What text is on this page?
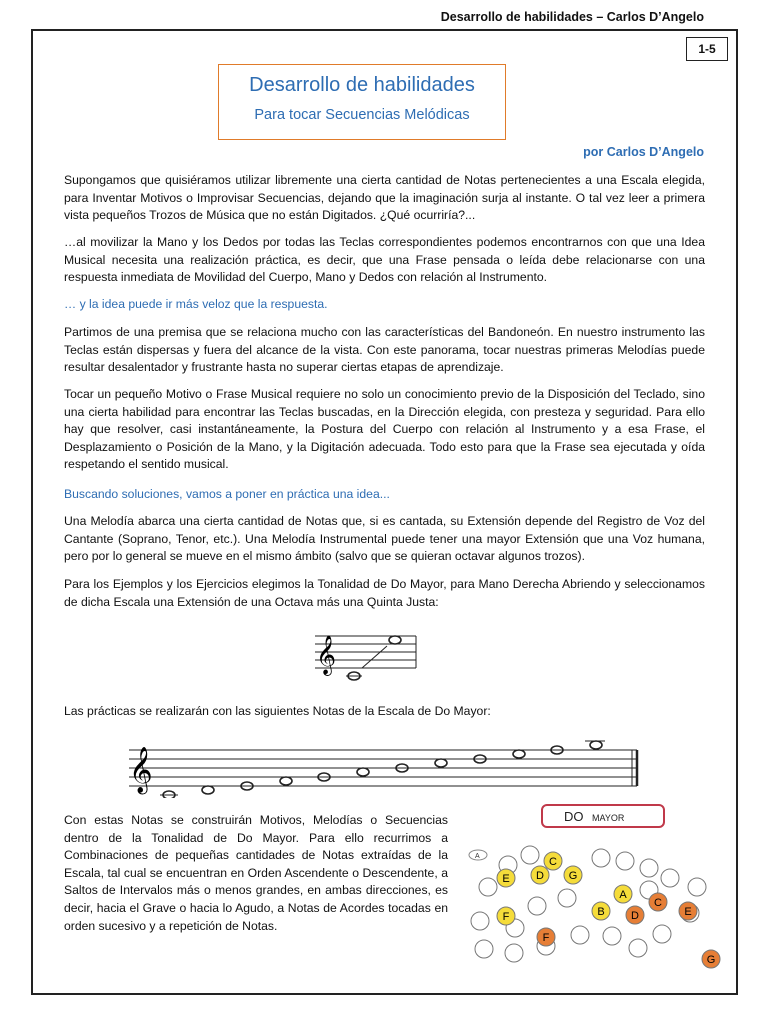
Desarrollo de habilidades – Carlos D’Angelo
1-5
Desarrollo de habilidades
Para tocar Secuencias Melódicas
por Carlos D’Angelo

Supongamos que quisiéramos utilizar libremente una cierta cantidad de Notas pertenecientes a una Escala elegida, para Inventar Motivos o Improvisar Secuencias, dejando que la imaginación surja al instante. O tal vez leer a primera vista pequeños Trozos de Música que no están Digitados. ¿Qué ocurriría?...

…al movilizar la Mano y los Dedos por todas las Teclas correspondientes podemos encontrarnos con que una Idea Musical necesita una realización práctica, es decir, que una Frase pensada o leída debe relacionarse con una respuesta inmediata de Movilidad del Cuerpo, Mano y Dedos con relación al Instrumento.

… y la idea puede ir más veloz que la respuesta.

Partimos de una premisa que se relaciona mucho con las características del Bandoneón. En nuestro instrumento las Teclas están dispersas y fuera del alcance de la vista. Con este panorama, tocar nuestras primeras Melodías puede resultar desalentador y frustrante hasta no superar ciertas etapas de aprendizaje.

Tocar un pequeño Motivo o Frase Musical requiere no solo un conocimiento previo de la Disposición del Teclado, sino una cierta habilidad para encontrar las Teclas buscadas, en la Dirección elegida, con presteza y seguridad. Para ello hay que resolver, casi instantáneamente, la Postura del Cuerpo con relación al Instrumento y a esa Frase, el Desplazamiento o Posición de la Mano, y la Digitación adecuada. Todo esto para que la Frase sea ejecutada y oída respetando el sentido musical.

Buscando soluciones, vamos a poner en práctica una idea...

Una Melodía abarca una cierta cantidad de Notas que, si es cantada, su Extensión depende del Registro de Voz del Cantante (Soprano, Tenor, etc.). Una Melodía Instrumental puede tener una mayor Extensión que una Voz humana, pero por lo general se mueve en el mismo ámbito (salvo que se quieran octavar algunos trozos).

Para los Ejemplos y los Ejercicios elegimos la Tonalidad de Do Mayor, para Mano Derecha Abriendo y seleccionamos de dicha Escala una Extensión de una Octava más una Quinta Justa:

𝄞

Las prácticas se realizarán con las siguientes Notas de la Escala de Do Mayor:

𝄞

Con estas Notas se construirán Motivos, Melodías o Secuencias dentro de la Tonalidad de Do Mayor. Para ello recurrimos a Combinaciones de pequeñas cantidades de Notas extraídas de la Escala, tal cual se encuentran en Orden Ascendente o Descendente, a Saltos de Intervalos más o menos grandes, en ambas direcciones, es decir, hacia el Grave o hacia lo Agudo, a Notas de Acordes tocadas en orden sucesivo y a repetición de Notas.

DO MAYOR
A	C
D G
E
A
C
B D	E
F
F
G
